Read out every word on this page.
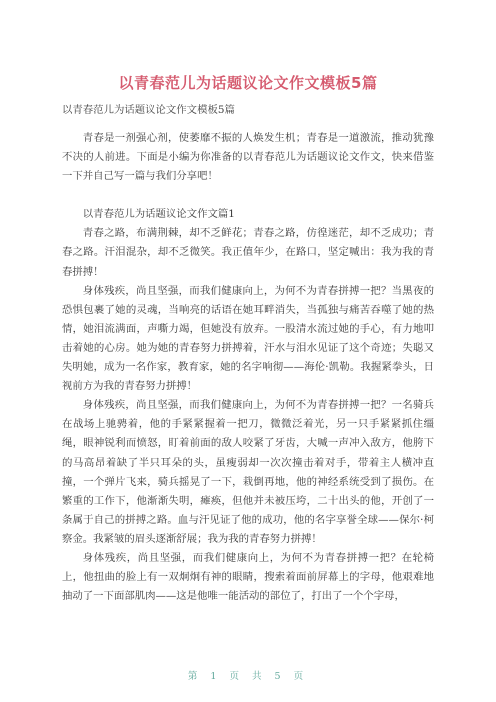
以青春范儿为话题议论文作文模板5篇
以青春范儿为话题议论文作文模板5篇

青春是一剂强心剂，使萎靡不振的人焕发生机；青春是一道激流，推动犹豫不决的人前进。下面是小编为你准备的以青春范儿为话题议论文作文，快来借鉴一下并自己写一篇与我们分享吧！

以青春范儿为话题议论文作文篇1

青春之路，布满荆棘，却不乏鲜花；青春之路，仿徨迷茫，却不乏成功；青春之路。汗泪混杂，却不乏微笑。我正值年少，在路口，坚定喊出：我为我的青春拼搏！

身体残疾，尚且坚强，而我们健康向上，为何不为青春拼搏一把？当黑夜的恐惧包裹了她的灵魂，当响亮的话语在她耳畔消失，当孤独与痛苦吞噬了她的热情，她泪流满面，声嘶力竭，但她没有放弃。一股清水流过她的手心，有力地叩击着她的心房。她为她的青春努力拼搏着，汗水与泪水见证了这个奇迹；失聪又失明她，成为一名作家，教育家，她的名字响彻——海伦·凯勒。我握紧拳头，日视前方为我的青春努力拼搏！

身体残疾，尚且坚强，而我们健康向上，为何不为青春拼搏一把？一名骑兵在战场上驰骋着，他的手紧紧握着一把刀，微微泛着光，另一只手紧紧抓住缰绳，眼神锐利而愤怒，盯着前面的敌人咬紧了牙齿，大喊一声冲入敌方，他胯下的马高昂着缺了半只耳朵的头，虽瘦弱却一次次撞击着对手，带着主人横冲直撞，一个弹片飞来，骑兵摇晃了一下，栽倒再地，他的神经系统受到了损伤。在繁重的工作下，他渐渐失明，瘫痪，但他并未被压垮，二十出头的他，开创了一条属于自己的拼搏之路。血与汗见证了他的成功，他的名字享誉全球——保尔·柯察金。我紧皱的眉头逐渐舒展；我为我的青春努力拼搏！

身体残疾，尚且坚强，而我们健康向上，为何不为青春拼搏一把？在轮椅上，他扭曲的脸上有一双炯炯有神的眼睛，搜索着面前屏幕上的字母，他艰难地抽动了一下面部肌肉——这是他唯一能活动的部位了，打出了一个个字母，

第 1 页 共 5 页
